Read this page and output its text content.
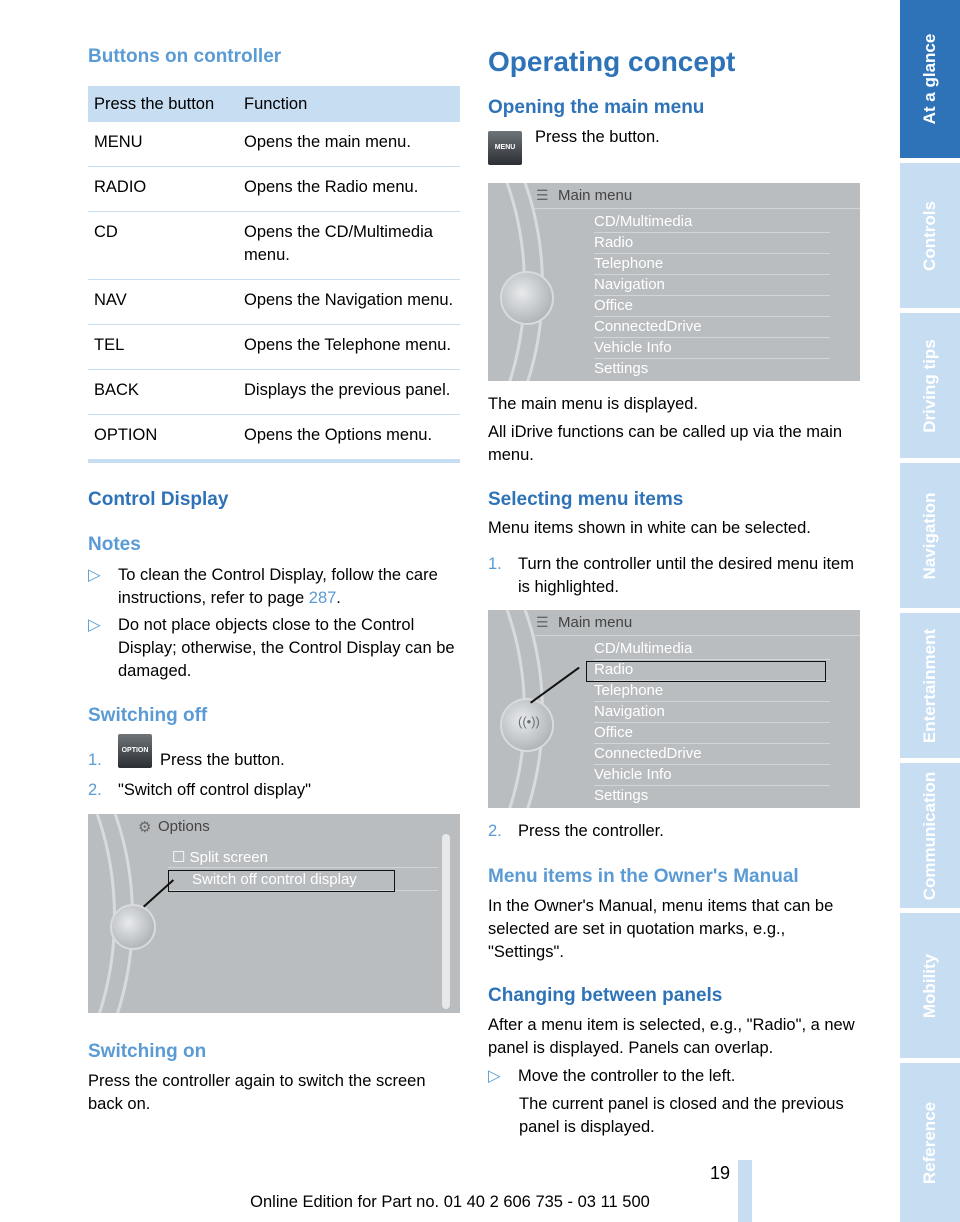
Buttons on controller
Press the button	Function
MENU	Opens the main menu.
RADIO	Opens the Radio menu.
CD	Opens the CD/Multimedia menu.
NAV	Opens the Navigation menu.
TEL	Opens the Telephone menu.
BACK	Displays the previous panel.
OPTION	Opens the Options menu.
Control Display
Notes
▷	To clean the Control Display, follow the care instructions, refer to page 287.
▷	Do not place objects close to the Control Display; otherwise, the Control Display can be damaged.
Switching off
1.	Press the button.
OPTION
2. "Switch off control display"
⚙ Options
☐ Split screen
Switch off control display
Switching on
Press the controller again to switch the screen back on.
Operating concept
Opening the main menu
MENU
Press the button.
☰ Main menu
CD/Multimedia
Radio
Telephone
Navigation
Office
ConnectedDrive
Vehicle Info
Settings
The main menu is displayed.
All iDrive functions can be called up via the main menu.
Selecting menu items
Menu items shown in white can be selected.
1. Turn the controller until the desired menu item is highlighted.
((•))
☰ Main menu
CD/Multimedia
Radio
Telephone
Navigation
Office
ConnectedDrive
Vehicle Info
Settings
2. Press the controller.
Menu items in the Owner's Manual
In the Owner's Manual, menu items that can be selected are set in quotation marks, e.g., "Settings".
Changing between panels
After a menu item is selected, e.g., "Radio", a new panel is displayed. Panels can overlap.
▷	Move the controller to the left.
The current panel is closed and the previous panel is displayed.
At a glance
Controls
Driving tips
Navigation
Entertainment
Communication
Mobility
Reference
19
Online Edition for Part no. 01 40 2 606 735 - 03 11 500
